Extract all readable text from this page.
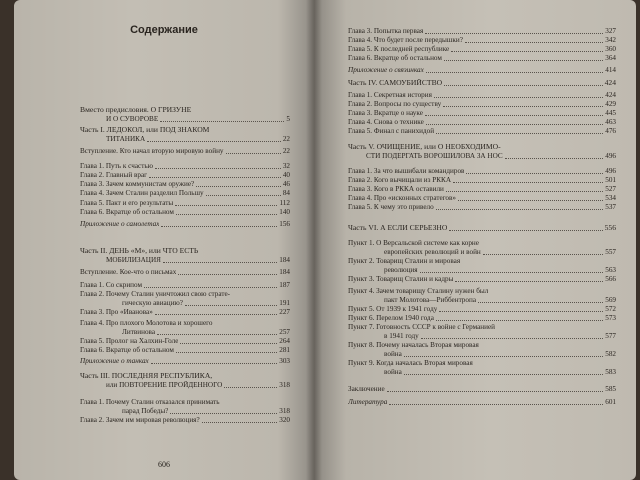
Содержание
Вместо предисловия. О ГРИЗУНЕ
И О СУВОРОВЕ	5
Часть I. ЛЕДОКОЛ, или ПОД ЗНАКОМ
ТИТАНИКА	22
Вступление. Кто начал вторую мировую войну	22
Глава 1. Путь к счастью	32
Глава 2. Главный враг	40
Глава 3. Зачем коммунистам оружие?	46
Глава 4. Зачем Сталин разделил Польшу	84
Глава 5. Пакт и его результаты	112
Глава 6. Вкратце об остальном	140
Приложение о самолетах	156
Часть II. ДЕНЬ «М», или ЧТО ЕСТЬ
МОБИЛИЗАЦИЯ	184
Вступление. Кое-что о письмах	184
Глава 1. Со скрипом	187
Глава 2. Почему Сталин уничтожил свою страте-
гическую авиацию?	191
Глава 3. Про «Иванова»	227
Глава 4. Про плохого Молотова и хорошего
Литвинова	257
Глава 5. Пролог на Халхин-Голе	264
Глава 6. Вкратце об остальном	281
Приложение о танках	303
Часть III. ПОСЛЕДНЯЯ РЕСПУБЛИКА,
или ПОВТОРЕНИЕ ПРОЙДЕННОГО	318
Глава 1. Почему Сталин отказался принимать
парад Победы?	318
Глава 2. Зачем им мировая революция?	320
606
Глава 3. Попытка первая	327
Глава 4. Что будет после передышки?	342
Глава 5. К последней республике	360
Глава 6. Вкратце об остальном	364
Приложение о связинках	414
Часть IV. САМОУБИЙСТВО	424
Глава 1. Секретная история	424
Глава 2. Вопросы по существу	429
Глава 3. Вкратце о науке	445
Глава 4. Снова о технике	463
Глава 5. Финал с панихидой	476
Часть V. ОЧИЩЕНИЕ, или О НЕОБХОДИМО-
СТИ ПОДЕРГАТЬ ВОРОШИЛОВА ЗА НОС	496
Глава 1. За что вышибали командиров	496
Глава 2. Кого вычищали из РККА	501
Глава 3. Кого в РККА оставили	527
Глава 4. Про «исконных стратегов»	534
Глава 5. К чему это привело	537
Часть VI. А ЕСЛИ СЕРЬЕЗНО	556
Пункт 1. О Версальской системе как корне
европейских революций и войн	557
Пункт 2. Товарищ Сталин и мировая
революция	563
Пункт 3. Товарищ Сталин и кадры	566
Пункт 4. Зачем товарищу Сталину нужен был
пакт Молотова—Риббентропа	569
Пункт 5. От 1939 к 1941 году	572
Пункт 6. Перелом 1940 года	573
Пункт 7. Готовность СССР к войне с Германией
в 1941 году	577
Пункт 8. Почему началась Вторая мировая
война	582
Пункт 9. Когда началась Вторая мировая
война	583
Заключение	585
Литература	601
